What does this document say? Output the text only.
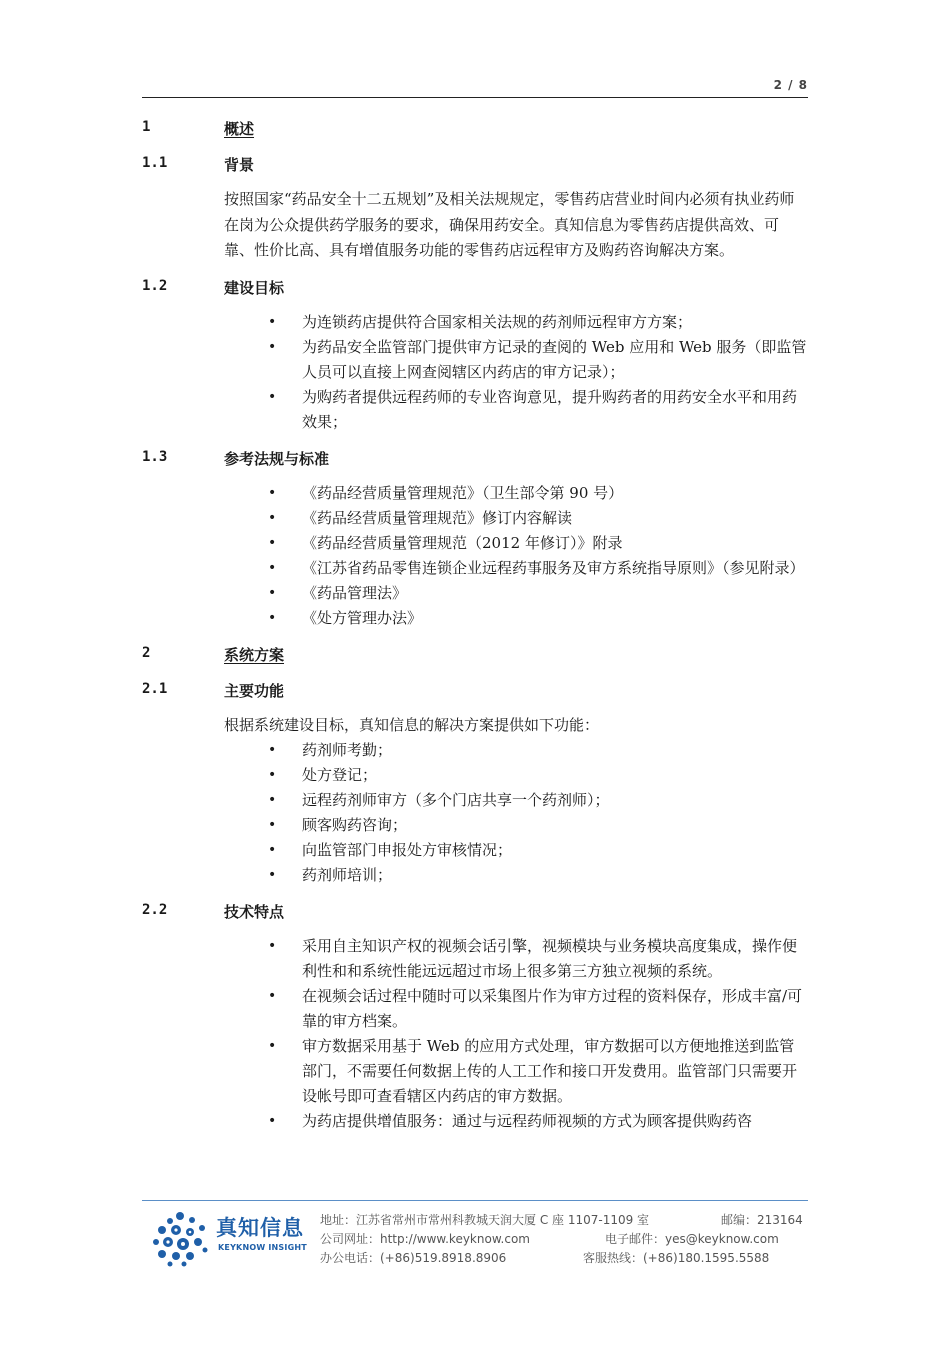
2 / 8
1	概述
1.1	背景
按照国家“药品安全十二五规划”及相关法规规定，零售药店营业时间内必须有执业药师在岗为公众提供药学服务的要求，确保用药安全。真知信息为零售药店提供高效、可靠、性价比高、具有增值服务功能的零售药店远程审方及购药咨询解决方案。
1.2	建设目标
• 为连锁药店提供符合国家相关法规的药剂师远程审方方案；
• 为药品安全监管部门提供审方记录的查阅的 Web 应用和 Web 服务（即监管人员可以直接上网查阅辖区内药店的审方记录）；
• 为购药者提供远程药师的专业咨询意见，提升购药者的用药安全水平和用药效果；
1.3	参考法规与标准
• 《药品经营质量管理规范》（卫生部令第 90 号）
• 《药品经营质量管理规范》修订内容解读
• 《药品经营质量管理规范（2012 年修订）》附录
• 《江苏省药品零售连锁企业远程药事服务及审方系统指导原则》（参见附录）
• 《药品管理法》
• 《处方管理办法》
2	系统方案
2.1	主要功能
根据系统建设目标，真知信息的解决方案提供如下功能：
• 药剂师考勤；
• 处方登记；
• 远程药剂师审方（多个门店共享一个药剂师）；
• 顾客购药咨询；
• 向监管部门申报处方审核情况；
• 药剂师培训；
2.2	技术特点
• 采用自主知识产权的视频会话引擎，视频模块与业务模块高度集成，操作便利性和和系统性能远远超过市场上很多第三方独立视频的系统。
• 在视频会话过程中随时可以采集图片作为审方过程的资料保存，形成丰富/可靠的审方档案。
• 审方数据采用基于 Web 的应用方式处理，审方数据可以方便地推送到监管部门，不需要任何数据上传的人工工作和接口开发费用。监管部门只需要开设帐号即可查看辖区内药店的审方数据。
• 为药店提供增值服务：通过与远程药师视频的方式为顾客提供购药咨
真知信息
KEYKNOW INSIGHT
地址：江苏省常州市常州科教城天润大厦 C 座 1107-1109 室	邮编：213164
公司网址：http://www.keyknow.com	电子邮件：yes@keyknow.com
办公电话：(+86)519.8918.8906	客服热线：(+86)180.1595.5588
